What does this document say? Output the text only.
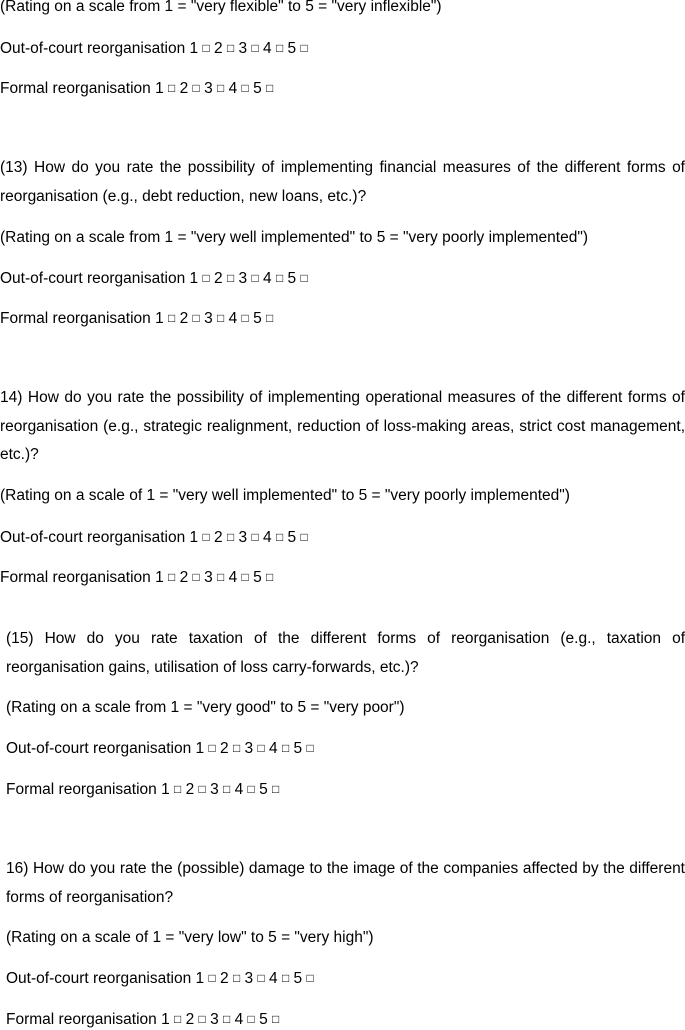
(Rating on a scale from 1 = "very flexible" to 5 = "very inflexible")
Out-of-court reorganisation 1 □ 2 □ 3 □ 4 □ 5 □
Formal reorganisation 1 □ 2 □ 3 □ 4 □ 5 □
(13) How do you rate the possibility of implementing financial measures of the different forms of reorganisation (e.g., debt reduction, new loans, etc.)?
(Rating on a scale from 1 = "very well implemented" to 5 = "very poorly implemented")
Out-of-court reorganisation 1 □ 2 □ 3 □ 4 □ 5 □
Formal reorganisation 1 □ 2 □ 3 □ 4 □ 5 □
14) How do you rate the possibility of implementing operational measures of the different forms of reorganisation (e.g., strategic realignment, reduction of loss-making areas, strict cost management, etc.)?
(Rating on a scale of 1 = "very well implemented" to 5 = "very poorly implemented")
Out-of-court reorganisation 1 □ 2 □ 3 □ 4 □ 5 □
Formal reorganisation 1 □ 2 □ 3 □ 4 □ 5 □
(15) How do you rate taxation of the different forms of reorganisation (e.g., taxation of reorganisation gains, utilisation of loss carry-forwards, etc.)?
(Rating on a scale from 1 = "very good" to 5 = "very poor")
Out-of-court reorganisation 1 □ 2 □ 3 □ 4 □ 5 □
Formal reorganisation 1 □ 2 □ 3 □ 4 □ 5 □
16) How do you rate the (possible) damage to the image of the companies affected by the different forms of reorganisation?
(Rating on a scale of 1 = "very low" to 5 = "very high")
Out-of-court reorganisation 1 □ 2 □ 3 □ 4 □ 5 □
Formal reorganisation 1 □ 2 □ 3 □ 4 □ 5 □
